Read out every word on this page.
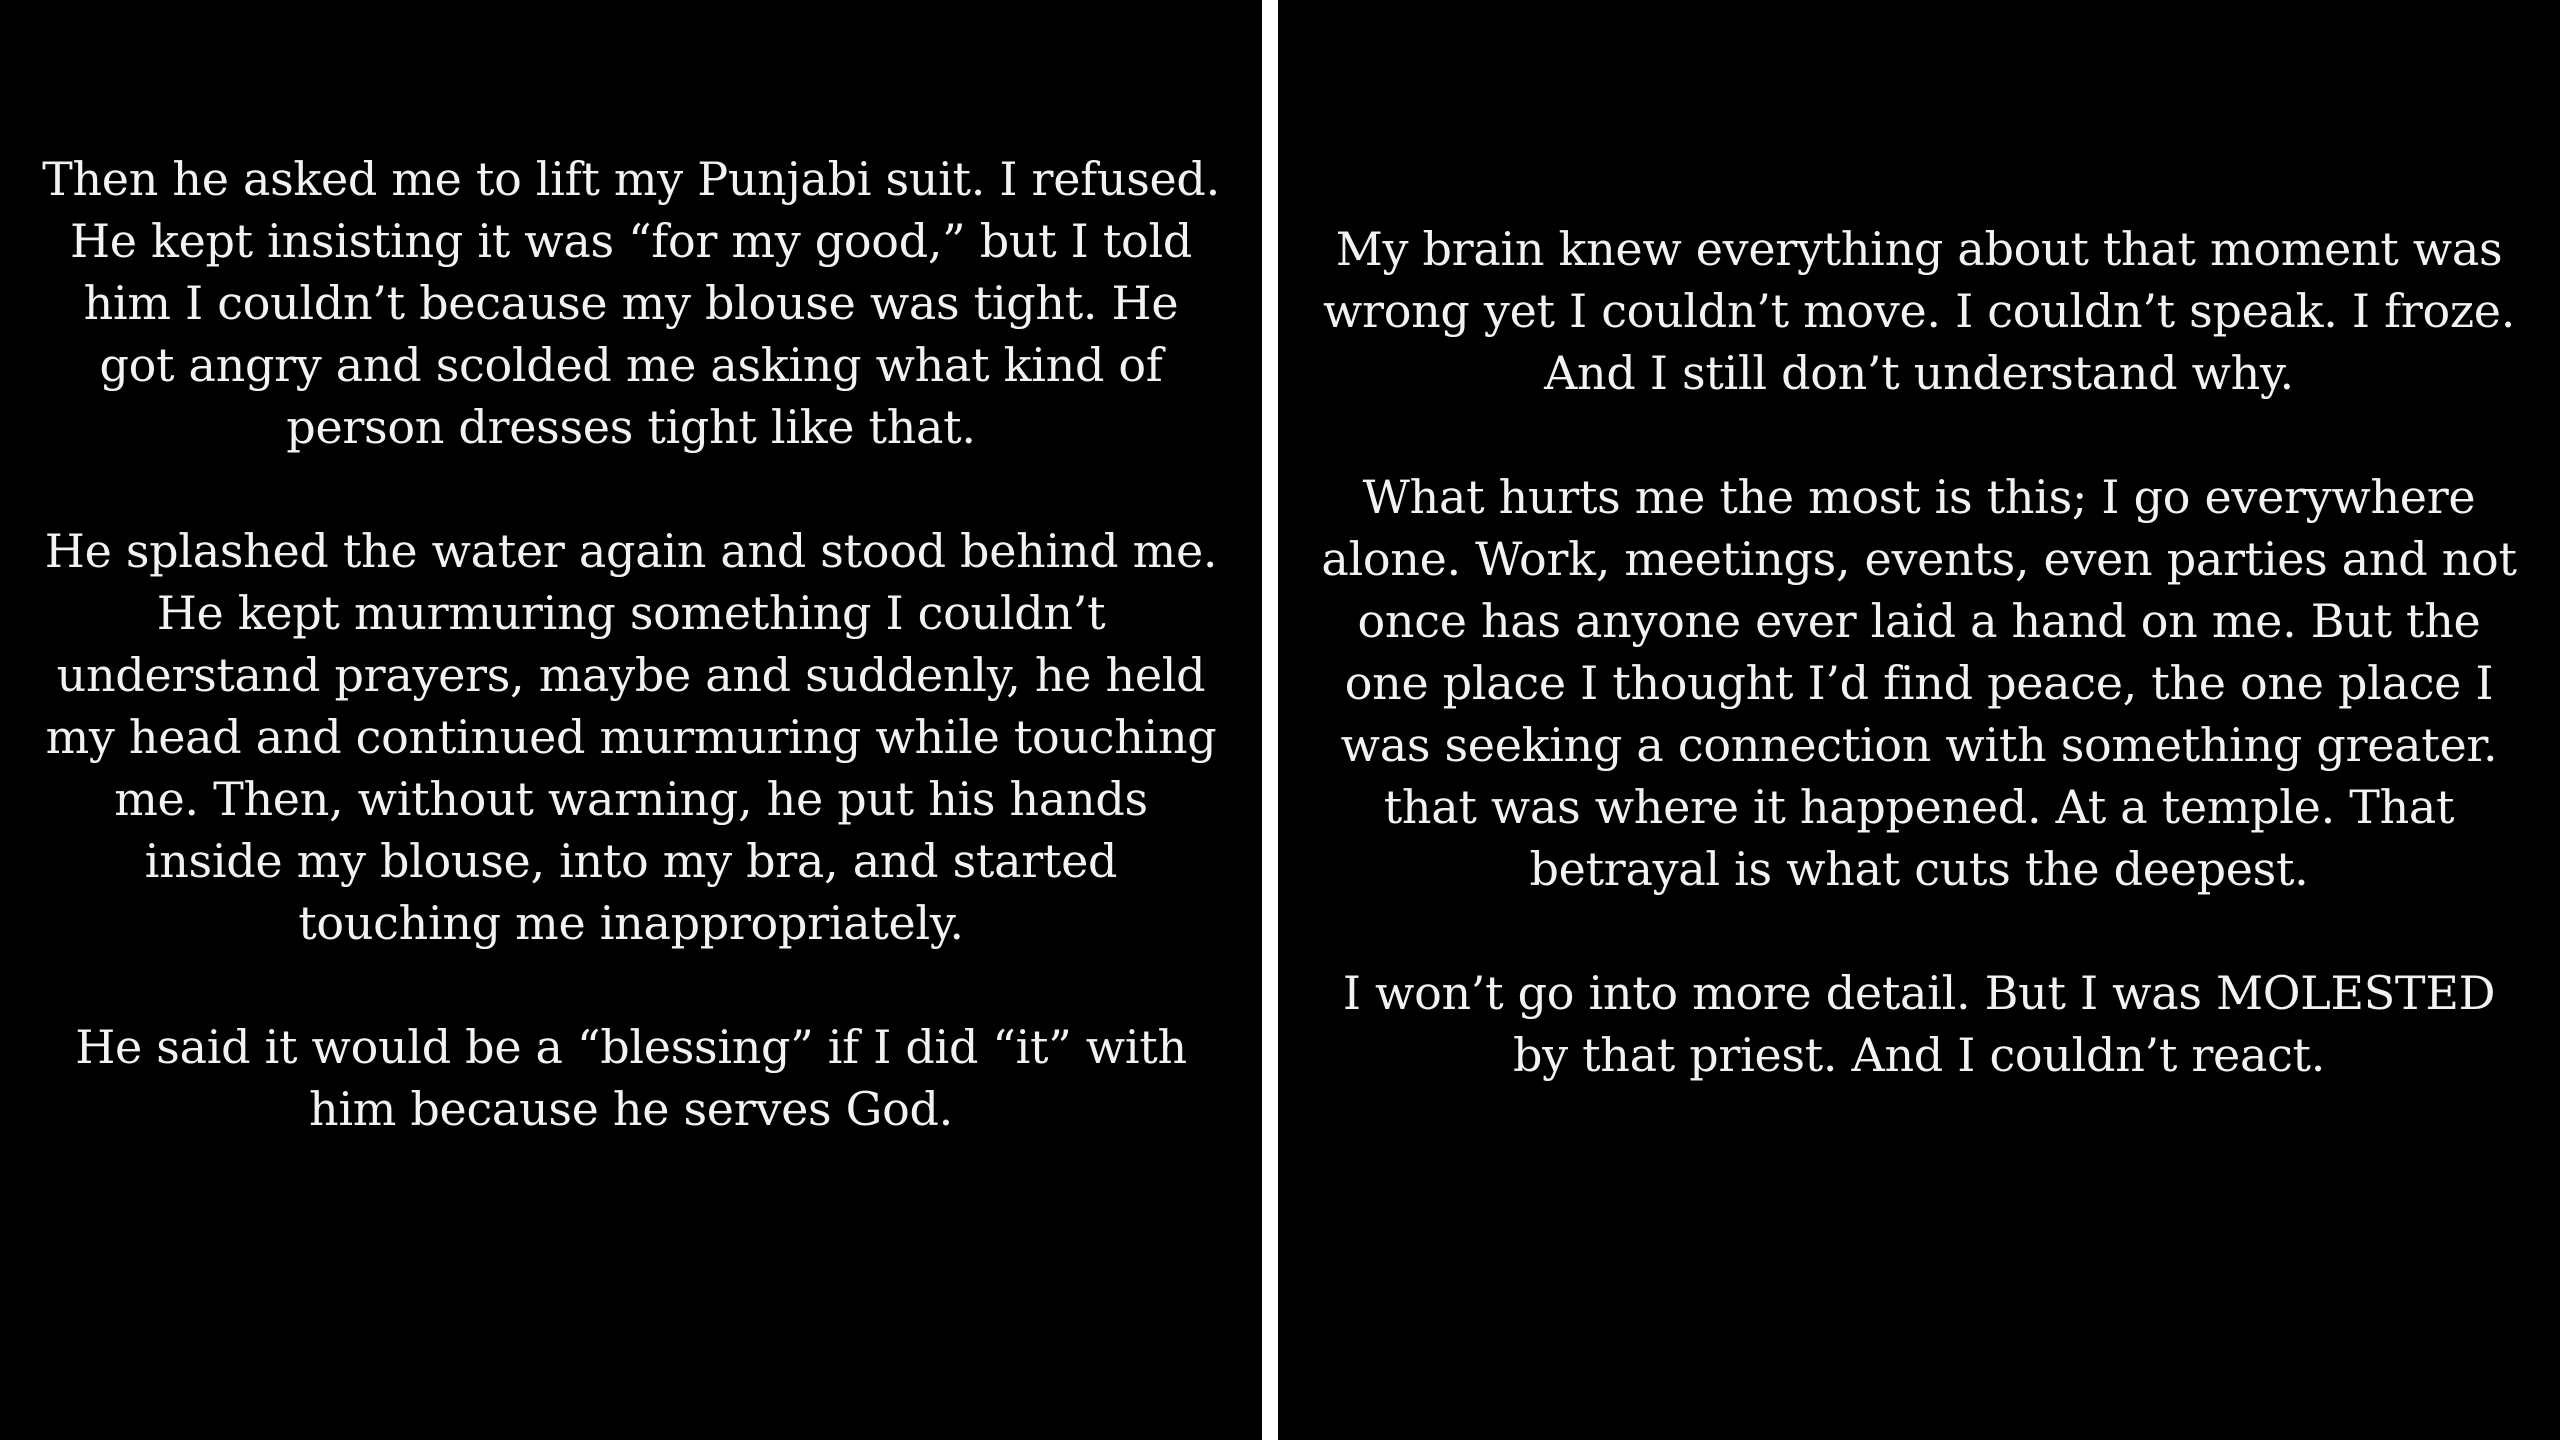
Then he asked me to lift my Punjabi suit. I refused. He kept insisting it was “for my good,” but I told him I couldn’t because my blouse was tight. He got angry and scolded me asking what kind of person dresses tight like that.

He splashed the water again and stood behind me. He kept murmuring something I couldn’t understand prayers, maybe and suddenly, he held my head and continued murmuring while touching me. Then, without warning, he put his hands inside my blouse, into my bra, and started touching me inappropriately.

He said it would be a “blessing” if I did “it” with him because he serves God.

My brain knew everything about that moment was wrong yet I couldn’t move. I couldn’t speak. I froze. And I still don’t understand why.

What hurts me the most is this; I go everywhere alone. Work, meetings, events, even parties and not once has anyone ever laid a hand on me. But the one place I thought I’d find peace, the one place I was seeking a connection with something greater. that was where it happened. At a temple. That betrayal is what cuts the deepest.

I won’t go into more detail. But I was MOLESTED by that priest. And I couldn’t react.
